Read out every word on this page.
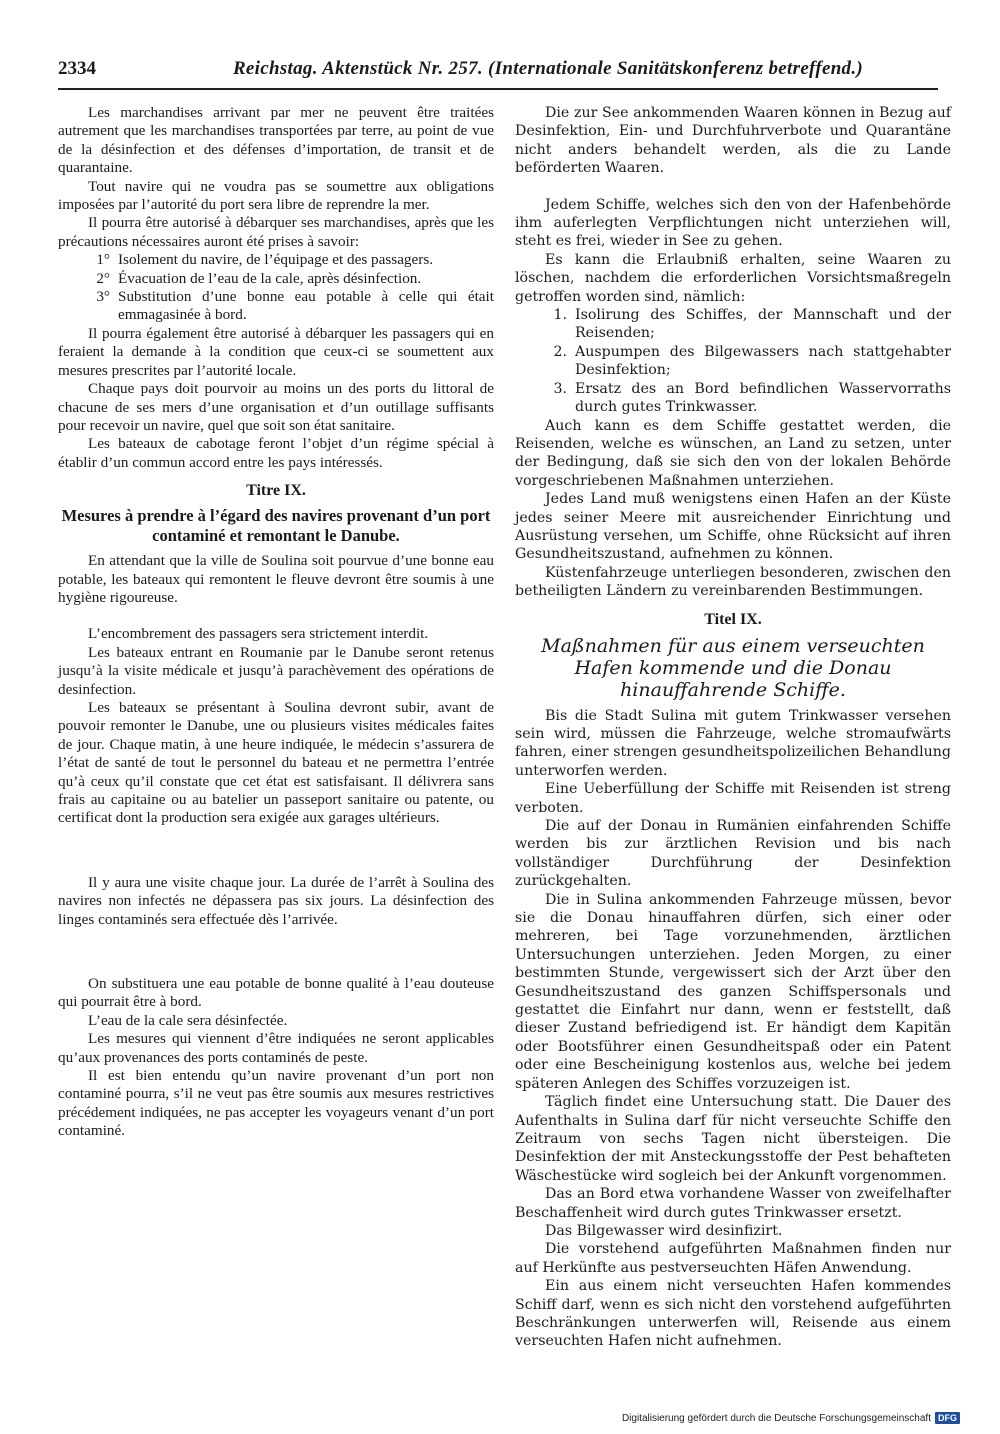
2334	Reichstag. Aktenstück Nr. 257. (Internationale Sanitätskonferenz betreffend.)

Les marchandises arrivant par mer ne peuvent être traitées autrement que les marchandises transportées par terre, au point de vue de la désinfection et des défenses d’importation, de transit et de quarantaine.

Tout navire qui ne voudra pas se soumettre aux obligations imposées par l’autorité du port sera libre de reprendre la mer.

Il pourra être autorisé à débarquer ses marchandises, après que les précautions nécessaires auront été prises à savoir:

1° Isolement du navire, de l’équipage et des passagers.
2° Évacuation de l’eau de la cale, après désinfection.
3° Substitution d’une bonne eau potable à celle qui était emmagasinée à bord.

Il pourra également être autorisé à débarquer les passagers qui en feraient la demande à la condition que ceux-ci se soumettent aux mesures prescrites par l’autorité locale.

Chaque pays doit pourvoir au moins un des ports du littoral de chacune de ses mers d’une organisation et d’un outillage suffisants pour recevoir un navire, quel que soit son état sanitaire.

Les bateaux de cabotage feront l’objet d’un régime spécial à établir d’un commun accord entre les pays intéressés.

Titre IX.
Mesures à prendre à l’égard des navires provenant d’un port contaminé et remontant le Danube.

En attendant que la ville de Soulina soit pourvue d’une bonne eau potable, les bateaux qui remontent le fleuve devront être soumis à une hygiène rigoureuse.

L’encombrement des passagers sera strictement interdit.

Les bateaux entrant en Roumanie par le Danube seront retenus jusqu’à la visite médicale et jusqu’à parachèvement des opérations de desinfection.

Les bateaux se présentant à Soulina devront subir, avant de pouvoir remonter le Danube, une ou plusieurs visites médicales faites de jour. Chaque matin, à une heure indiquée, le médecin s’assurera de l’état de santé de tout le personnel du bateau et ne permettra l’entrée qu’à ceux qu’il constate que cet état est satisfaisant. Il délivrera sans frais au capitaine ou au batelier un passeport sanitaire ou patente, ou certificat dont la production sera exigée aux garages ultérieurs.

Il y aura une visite chaque jour. La durée de l’arrêt à Soulina des navires non infectés ne dépassera pas six jours. La désinfection des linges contaminés sera effectuée dès l’arrivée.

On substituera une eau potable de bonne qualité à l’eau douteuse qui pourrait être à bord.

L’eau de la cale sera désinfectée.

Les mesures qui viennent d’être indiquées ne seront applicables qu’aux provenances des ports contaminés de peste.

Il est bien entendu qu’un navire provenant d’un port non contaminé pourra, s’il ne veut pas être soumis aux mesures restrictives précédement indiquées, ne pas accepter les voyageurs venant d’un port contaminé.

Die zur See ankommenden Waaren können in Bezug auf Desinfektion, Ein- und Durchfuhrverbote und Quarantäne nicht anders behandelt werden, als die zu Lande beförderten Waaren.

Jedem Schiffe, welches sich den von der Hafenbehörde ihm auferlegten Verpflichtungen nicht unterziehen will, steht es frei, wieder in See zu gehen.

Es kann die Erlaubniß erhalten, seine Waaren zu löschen, nachdem die erforderlichen Vorsichtsmaßregeln getroffen worden sind, nämlich:

1. Isolirung des Schiffes, der Mannschaft und der Reisenden;
2. Auspumpen des Bilgewassers nach stattgehabter Desinfektion;
3. Ersatz des an Bord befindlichen Wasservorraths durch gutes Trinkwasser.

Auch kann es dem Schiffe gestattet werden, die Reisenden, welche es wünschen, an Land zu setzen, unter der Bedingung, daß sie sich den von der lokalen Behörde vorgeschriebenen Maßnahmen unterziehen.

Jedes Land muß wenigstens einen Hafen an der Küste jedes seiner Meere mit ausreichender Einrichtung und Ausrüstung versehen, um Schiffe, ohne Rücksicht auf ihren Gesundheitszustand, aufnehmen zu können.

Küstenfahrzeuge unterliegen besonderen, zwischen den betheiligten Ländern zu vereinbarenden Bestimmungen.

Titel IX.
Maßnahmen für aus einem verseuchten Hafen kommende und die Donau hinauffahrende Schiffe.

Bis die Stadt Sulina mit gutem Trinkwasser versehen sein wird, müssen die Fahrzeuge, welche stromaufwärts fahren, einer strengen gesundheitspolizeilichen Behandlung unterworfen werden.

Eine Ueberfüllung der Schiffe mit Reisenden ist streng verboten.

Die auf der Donau in Rumänien einfahrenden Schiffe werden bis zur ärztlichen Revision und bis nach vollständiger Durchführung der Desinfektion zurückgehalten.

Die in Sulina ankommenden Fahrzeuge müssen, bevor sie die Donau hinauffahren dürfen, sich einer oder mehreren, bei Tage vorzunehmenden, ärztlichen Untersuchungen unterziehen. Jeden Morgen, zu einer bestimmten Stunde, vergewissert sich der Arzt über den Gesundheitszustand des ganzen Schiffspersonals und gestattet die Einfahrt nur dann, wenn er feststellt, daß dieser Zustand befriedigend ist. Er händigt dem Kapitän oder Bootsführer einen Gesundheitspaß oder ein Patent oder eine Bescheinigung kostenlos aus, welche bei jedem späteren Anlegen des Schiffes vorzuzeigen ist.

Täglich findet eine Untersuchung statt. Die Dauer des Aufenthalts in Sulina darf für nicht verseuchte Schiffe den Zeitraum von sechs Tagen nicht übersteigen. Die Desinfektion der mit Ansteckungsstoffe der Pest behafteten Wäschestücke wird sogleich bei der Ankunft vorgenommen.

Das an Bord etwa vorhandene Wasser von zweifelhafter Beschaffenheit wird durch gutes Trinkwasser ersetzt.

Das Bilgewasser wird desinfizirt.

Die vorstehend aufgeführten Maßnahmen finden nur auf Herkünfte aus pestverseuchten Häfen Anwendung.

Ein aus einem nicht verseuchten Hafen kommendes Schiff darf, wenn es sich nicht den vorstehend aufgeführten Beschränkungen unterwerfen will, Reisende aus einem verseuchten Hafen nicht aufnehmen.

Digitalisierung gefördert durch die Deutsche Forschungsgemeinschaft DFG
